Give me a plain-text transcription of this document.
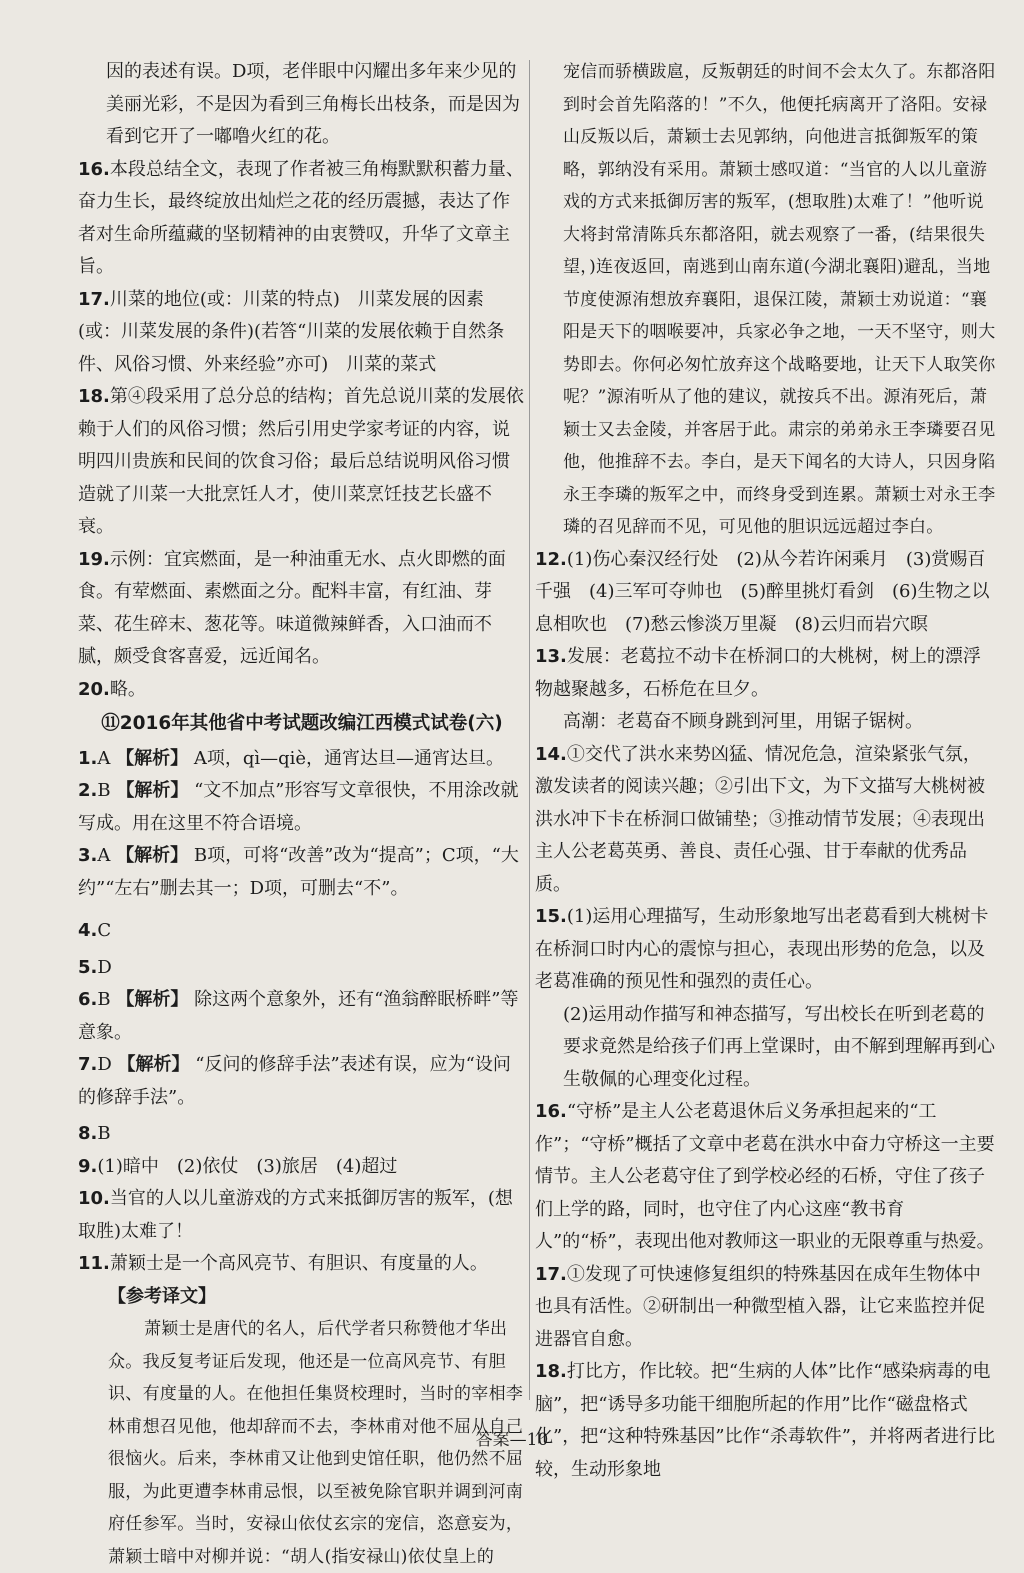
因的表述有误。D项，老伴眼中闪耀出多年来少见的美丽光彩，不是因为看到三角梅长出枝条，而是因为看到它开了一嘟噜火红的花。
16.本段总结全文，表现了作者被三角梅默默积蓄力量、奋力生长，最终绽放出灿烂之花的经历震撼，表达了作者对生命所蕴藏的坚韧精神的由衷赞叹，升华了文章主旨。
17.川菜的地位(或：川菜的特点)　川菜发展的因素(或：川菜发展的条件)(若答“川菜的发展依赖于自然条件、风俗习惯、外来经验”亦可)　川菜的菜式
18.第④段采用了总分总的结构；首先总说川菜的发展依赖于人们的风俗习惯；然后引用史学家考证的内容，说明四川贵族和民间的饮食习俗；最后总结说明风俗习惯造就了川菜一大批烹饪人才，使川菜烹饪技艺长盛不衰。
19.示例：宜宾燃面，是一种油重无水、点火即燃的面食。有荤燃面、素燃面之分。配料丰富，有红油、芽菜、花生碎末、葱花等。味道微辣鲜香，入口油而不腻，颇受食客喜爱，远近闻名。
20.略。
⑪2016年其他省中考试题改编江西模式试卷(六)
1.A 【解析】 A项，qì—qiè，通宵达旦—通宵达旦。
2.B 【解析】 “文不加点”形容写文章很快，不用涂改就写成。用在这里不符合语境。
3.A 【解析】 B项，可将“改善”改为“提高”；C项，“大约”“左右”删去其一；D项，可删去“不”。
4.C
5.D
6.B 【解析】 除这两个意象外，还有“渔翁醉眠桥畔”等意象。
7.D 【解析】 “反问的修辞手法”表述有误，应为“设问的修辞手法”。
8.B
9.(1)暗中　(2)依仗　(3)旅居　(4)超过
10.当官的人以儿童游戏的方式来抵御厉害的叛军，(想取胜)太难了！
11.萧颖士是一个高风亮节、有胆识、有度量的人。
【参考译文】
萧颖士是唐代的名人，后代学者只称赞他才华出众。我反复考证后发现，他还是一位高风亮节、有胆识、有度量的人。在他担任集贤校理时，当时的宰相李林甫想召见他，他却辞而不去，李林甫对他不屈从自己很恼火。后来，李林甫又让他到史馆任职，他仍然不屈服，为此更遭李林甫忌恨，以至被免除官职并调到河南府任参军。当时，安禄山依仗玄宗的宠信，恣意妄为，萧颖士暗中对柳并说：“胡人(指安禄山)依仗皇上的
宠信而骄横跋扈，反叛朝廷的时间不会太久了。东都洛阳到时会首先陷落的！”不久，他便托病离开了洛阳。安禄山反叛以后，萧颖士去见郭纳，向他进言抵御叛军的策略，郭纳没有采用。萧颖士感叹道：“当官的人以儿童游戏的方式来抵御厉害的叛军，(想取胜)太难了！”他听说大将封常清陈兵东都洛阳，就去观察了一番，(结果很失望，)连夜返回，南逃到山南东道(今湖北襄阳)避乱，当地节度使源洧想放弃襄阳，退保江陵，萧颖士劝说道：“襄阳是天下的咽喉要冲，兵家必争之地，一天不坚守，则大势即去。你何必匆忙放弃这个战略要地，让天下人取笑你呢？”源洧听从了他的建议，就按兵不出。源洧死后，萧颖士又去金陵，并客居于此。肃宗的弟弟永王李璘要召见他，他推辞不去。李白，是天下闻名的大诗人，只因身陷永王李璘的叛军之中，而终身受到连累。萧颖士对永王李璘的召见辞而不见，可见他的胆识远远超过李白。
12.(1)伤心秦汉经行处　(2)从今若许闲乘月　(3)赏赐百千强　(4)三军可夺帅也　(5)醉里挑灯看剑　(6)生物之以息相吹也　(7)愁云惨淡万里凝　(8)云归而岩穴暝
13.发展：老葛拉不动卡在桥洞口的大桃树，树上的漂浮物越聚越多，石桥危在旦夕。
高潮：老葛奋不顾身跳到河里，用锯子锯树。
14.①交代了洪水来势凶猛、情况危急，渲染紧张气氛，激发读者的阅读兴趣；②引出下文，为下文描写大桃树被洪水冲下卡在桥洞口做铺垫；③推动情节发展；④表现出主人公老葛英勇、善良、责任心强、甘于奉献的优秀品质。
15.(1)运用心理描写，生动形象地写出老葛看到大桃树卡在桥洞口时内心的震惊与担心，表现出形势的危急，以及老葛准确的预见性和强烈的责任心。
(2)运用动作描写和神态描写，写出校长在听到老葛的要求竟然是给孩子们再上堂课时，由不解到理解再到心生敬佩的心理变化过程。
16.“守桥”是主人公老葛退休后义务承担起来的“工作”；“守桥”概括了文章中老葛在洪水中奋力守桥这一主要情节。主人公老葛守住了到学校必经的石桥，守住了孩子们上学的路，同时，也守住了内心这座“教书育人”的“桥”，表现出他对教师这一职业的无限尊重与热爱。
17.①发现了可快速修复组织的特殊基因在成年生物体中也具有活性。②研制出一种微型植入器，让它来监控并促进器官自愈。
18.打比方，作比较。把“生病的人体”比作“感染病毒的电脑”，把“诱导多功能干细胞所起的作用”比作“磁盘格式化”，把“这种特殊基因”比作“杀毒软件”，并将两者进行比较，生动形象地
答案—10
